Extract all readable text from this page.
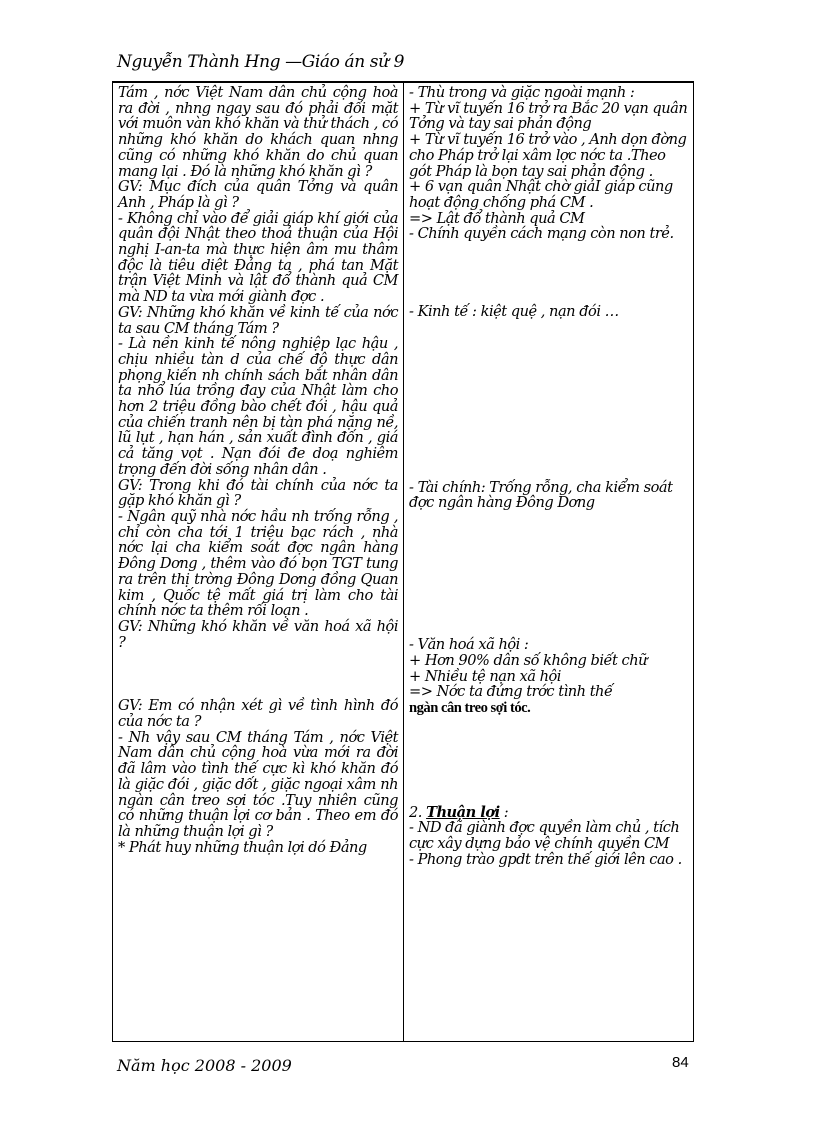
Nguyễn Thành Hng —Giáo án sử 9
Tám , nớc Việt Nam dân chủ cộng hoà ra đời , nhng ngay sau đó phải đối mặt với muôn vàn khó khăn và thử thách , có những khó khăn do khách quan nhng cũng có những khó khăn do chủ quan mang lại . Đó là những khó khăn gì ?
GV: Mục đích của quân Tởng và quân Anh , Pháp là gì ?
- Không chỉ vào để giải giáp khí giới của quân đội Nhật theo thoả thuận của Hội nghị I-an-ta mà thực hiện âm mu thâm độc là tiêu diệt Đảng ta , phá tan Mặt trận Việt Minh và lật đổ thành quả CM mà ND ta vừa mới giành đợc .
GV: Những khó khăn về kinh tế của nớc ta sau CM tháng Tám ?
- Là nền kinh tế nông nghiệp lạc hậu , chịu nhiều tàn d của chế độ thực dân phọng kiến nh chính sách bắt nhân dân ta nhổ lúa trồng đay của Nhật làm cho hơn 2 triệu đồng bào chết đói , hậu quả của chiến tranh nên bị tàn phá nặng nề, lũ lụt , hạn hán , sản xuất đình đốn , giá cả tăng vọt . Nạn đói đe doạ nghiêm trọng đến đời sống nhân dân .
GV: Trong khi đó tài chính của nớc ta gặp khó khăn gì ?
- Ngân quỹ nhà nớc hầu nh trống rỗng , chỉ còn cha tới 1 triệu bạc rách , nhà nớc lại cha kiểm soát đợc ngân hàng Đông Dơng , thêm vào đó bọn TGT tung ra trên thị trờng Đông Dơng đồng Quan kim , Quốc tệ mất giá trị làm cho tài chính nớc ta thêm rối loạn .
GV: Những khó khăn về văn hoá xã hội ?
GV: Em có nhận xét gì về tình hình đó của nớc ta ?
- Nh vậy sau CM tháng Tám , nớc Việt Nam dân chủ cộng hoà vừa mới ra đời đã lâm vào tình thế cực kì khó khăn đó là giặc đói , giặc dốt , giặc ngoại xâm nh ngàn cân treo sợi tóc .Tuy nhiên cũng có những thuận lợi cơ bản . Theo em đó là những thuận lợi gì ?
* Phát huy những thuận lợi dó Đảng

- Thù trong và giặc ngoài mạnh :
+ Từ vĩ tuyến 16 trở ra Bắc 20 vạn quân Tởng và tay sai phản động
+ Từ vĩ tuyến 16 trở vào , Anh dọn đờng cho Pháp trở lại xâm lợc nớc ta .Theo gót Pháp là bọn tay sai phản động .
+ 6 vạn quân Nhật chờ giảI giáp cũng hoạt động chống phá CM .
=> Lật đổ thành quả CM
- Chính quyền cách mạng còn non trẻ.
- Kinh tế : kiệt quệ , nạn đói …
- Tài chính: Trống rỗng, cha kiểm soát đợc ngân hàng Đông Dơng
- Văn hoá xã hội :
+ Hơn 90% dân số không biết chữ
+ Nhiều tệ nạn xã hội
=> Nớc ta đứng trớc tình thế
ngàn cân treo sợi tóc.
2. Thuận lợi :
- ND đã giành đợc quyền làm chủ , tích cực xây dựng bảo vệ chính quyền CM
- Phong trào gpdt trên thế giới lên cao .
Năm học 2008 - 2009	84
